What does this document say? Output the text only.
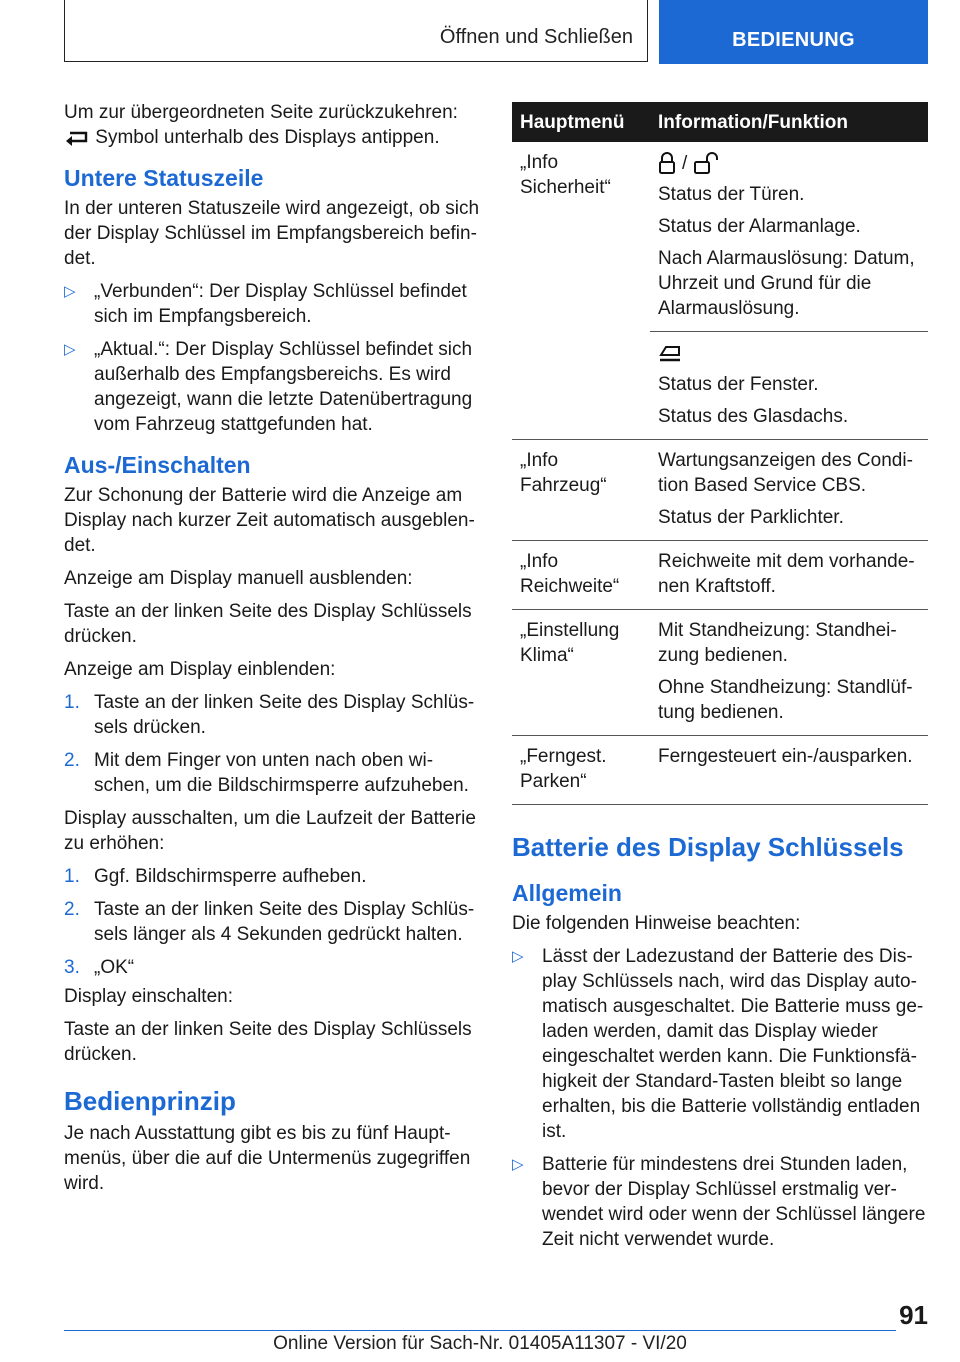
Öffnen und Schließen	BEDIENUNG

Um zur übergeordneten Seite zurückzukehren:
Symbol unterhalb des Displays antippen.

Untere Statuszeile

In der unteren Statuszeile wird angezeigt, ob sich der Display Schlüssel im Empfangsbereich befindet.

▷ „Verbunden“: Der Display Schlüssel befindet sich im Empfangsbereich.
▷ „Aktual.“: Der Display Schlüssel befindet sich außerhalb des Empfangsbereichs. Es wird angezeigt, wann die letzte Datenübertragung vom Fahrzeug stattgefunden hat.
Aus-/Einschalten

Zur Schonung der Batterie wird die Anzeige am Display nach kurzer Zeit automatisch ausgeblendet.

Anzeige am Display manuell ausblenden:

Taste an der linken Seite des Display Schlüssels drücken.

Anzeige am Display einblenden:

1. Taste an der linken Seite des Display Schlüssels drücken.
2. Mit dem Finger von unten nach oben wischen, um die Bildschirmsperre aufzuheben.

Display ausschalten, um die Laufzeit der Batterie zu erhöhen:

1. Ggf. Bildschirmsperre aufheben.
2. Taste an der linken Seite des Display Schlüssels länger als 4 Sekunden gedrückt halten.
3. „OK“

Display einschalten:

Taste an der linken Seite des Display Schlüssels drücken.

Bedienprinzip

Je nach Ausstattung gibt es bis zu fünf Hauptmenüs, über die auf die Untermenüs zugegriffen wird.

Hauptmenü	Information/Funktion
„Info Sicherheit“	/

Status der Türen.

Status der Alarmanlage.

Nach Alarmauslösung: Datum, Uhrzeit und Grund für die Alarmauslösung.

	Status der Fenster.

Status des Glasdachs.

„Info Fahrzeug“	Wartungsanzeigen des Condition Based Service CBS.

Status der Parklichter.

„Info Reichweite“	Reichweite mit dem vorhandenen Kraftstoff.

„Einstellung Klima“	Mit Standheizung: Standheizung bedienen.

Ohne Standheizung: Standlüftung bedienen.

„Ferngest. Parken“	Ferngesteuert ein-/ausparken.

Batterie des Display Schlüssels
Allgemein

Die folgenden Hinweise beachten:

▷ Lässt der Ladezustand der Batterie des Display Schlüssels nach, wird das Display automatisch ausgeschaltet. Die Batterie muss geladen werden, damit das Display wieder eingeschaltet werden kann. Die Funktionsfähigkeit der Standard-Tasten bleibt so lange erhalten, bis die Batterie vollständig entladen ist.
▷ Batterie für mindestens drei Stunden laden, bevor der Display Schlüssel erstmalig verwendet wird oder wenn der Schlüssel längere Zeit nicht verwendet wurde.
91
Online Version für Sach-Nr. 01405A11307 - VI/20
